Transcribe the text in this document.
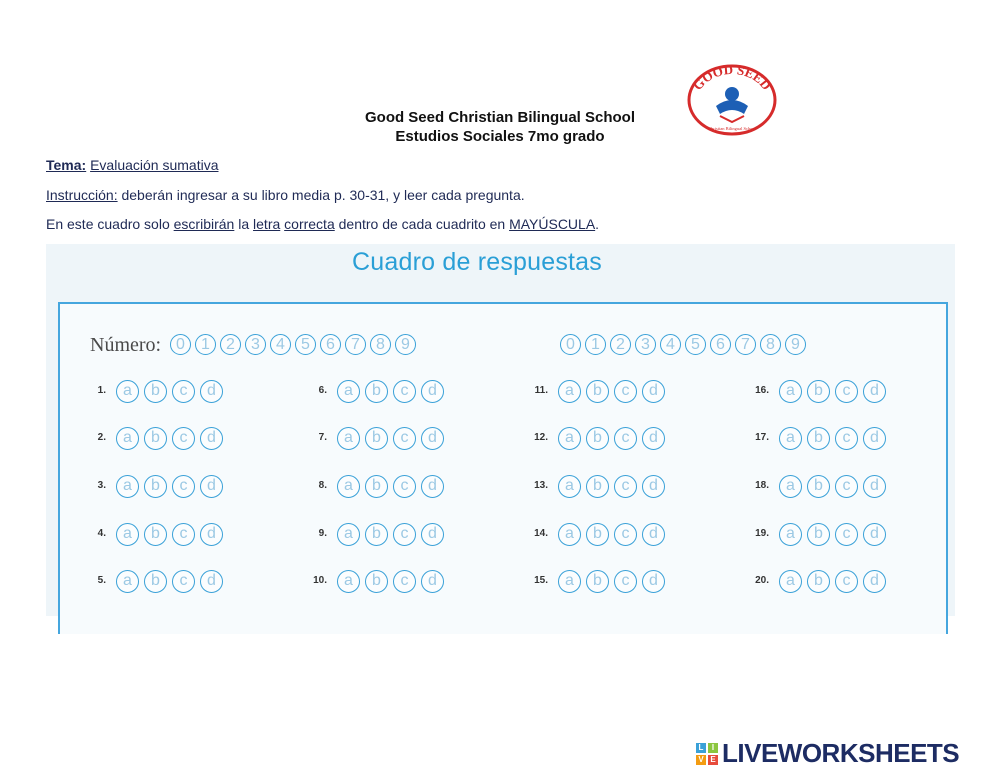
Good Seed Christian Bilingual School
Estudios Sociales 7mo grado
GOOD SEED
Christian Bilingual School
Tema: Evaluación sumativa
Instrucción: deberán ingresar a su libro media p. 30-31, y leer cada pregunta.
En este cuadro solo escribirán la letra correcta dentro de cada cuadrito en MAYÚSCULA.
Cuadro de respuestas
Número: 0	1	2	3	4	5	6	7	8	9	0	1	2	3	4	5	6	7	8	9
1.	a	b	c	d
2.	a	b	c	d
3.	a	b	c	d
4.	a	b	c	d
5.	a	b	c	d
6.	a	b	c	d
7.	a	b	c	d
8.	a	b	c	d
9.	a	b	c	d
10.	a	b	c	d
11.	a	b	c	d
12.	a	b	c	d
13.	a	b	c	d
14.	a	b	c	d
15.	a	b	c	d
16.	a	b	c	d
17.	a	b	c	d
18.	a	b	c	d
19.	a	b	c	d
20.	a	b	c	d
L	I
V E LIVEWORKSHEETS
